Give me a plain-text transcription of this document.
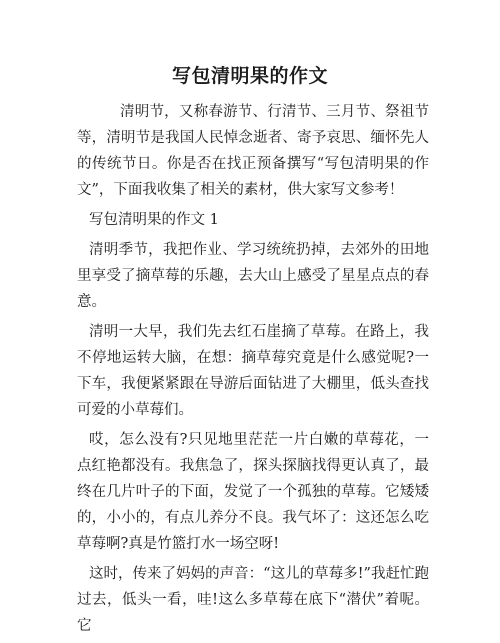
写包清明果的作文

清明节，又称春游节、行清节、三月节、祭祖节等，清明节是我国人民悼念逝者、寄予哀思、缅怀先人的传统节日。你是否在找正预备撰写“写包清明果的作文”，下面我收集了相关的素材，供大家写文参考！

写包清明果的作文 1

清明季节，我把作业、学习统统扔掉，去郊外的田地里享受了摘草莓的乐趣，去大山上感受了星星点点的春意。

清明一大早，我们先去红石崖摘了草莓。在路上，我不停地运转大脑，在想：摘草莓究竟是什么感觉呢?一下车，我便紧紧跟在导游后面钻进了大棚里，低头查找可爱的小草莓们。

哎，怎么没有?只见地里茫茫一片白嫩的草莓花，一点红艳都没有。我焦急了，探头探脑找得更认真了，最终在几片叶子的下面，发觉了一个孤独的草莓。它矮矮的，小小的，有点儿养分不良。我气坏了：这还怎么吃草莓啊?真是竹篮打水一场空呀!

这时，传来了妈妈的声音：“这儿的草莓多!”我赶忙跑过去，低头一看，哇!这么多草莓在底下“潜伏”着呢。它
